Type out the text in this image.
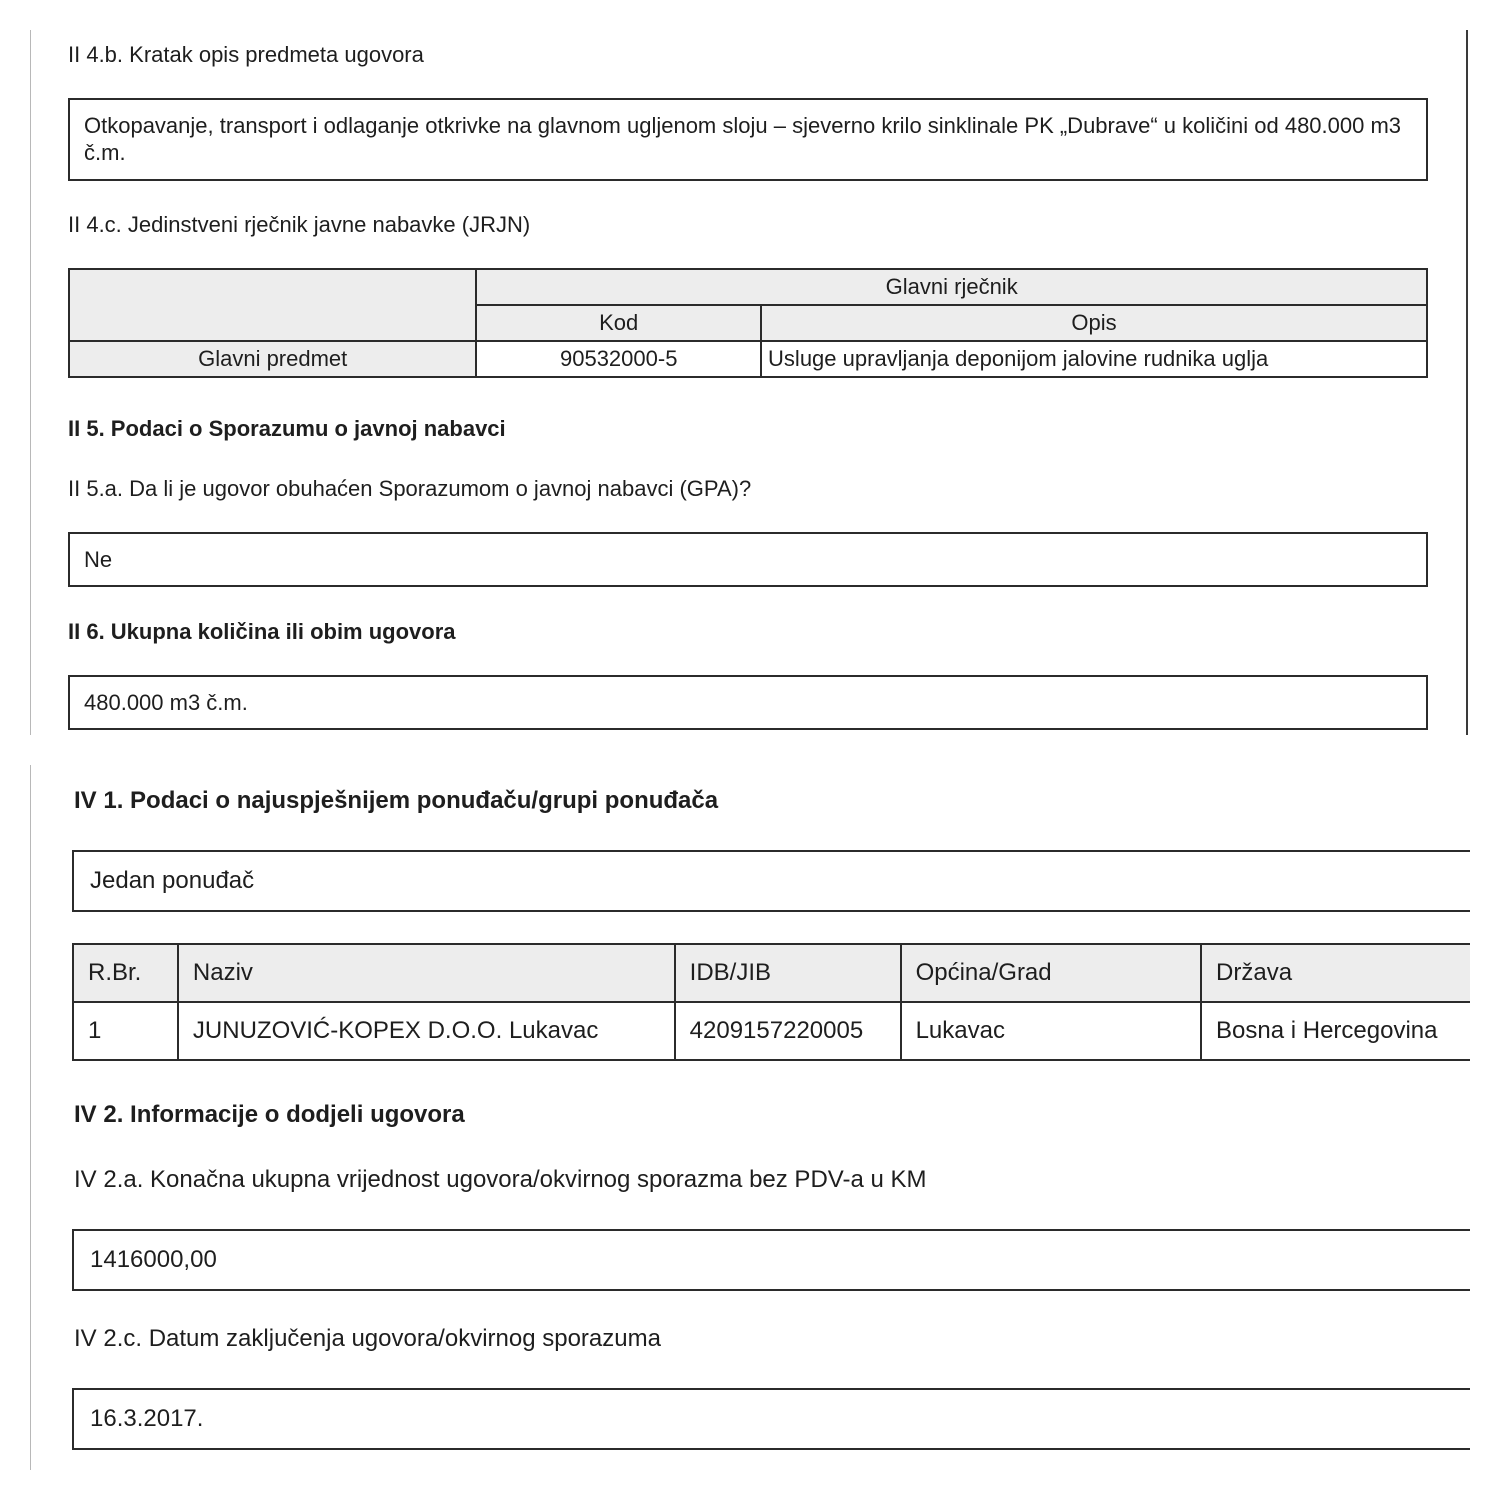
II 4.b. Kratak opis predmeta ugovora
Otkopavanje, transport i odlaganje otkrivke na glavnom ugljenom sloju – sjeverno krilo sinklinale PK „Dubrave“ u količini od 480.000 m3 č.m.
II 4.c. Jedinstveni rječnik javne nabavke (JRJN)
	Glavni rječnik	
	Kod	Opis
Glavni predmet	90532000-5	Usluge upravljanja deponijom jalovine rudnika uglja
II 5. Podaci o Sporazumu o javnoj nabavci
II 5.a. Da li je ugovor obuhaćen Sporazumom o javnoj nabavci (GPA)?
Ne
II 6. Ukupna količina ili obim ugovora
480.000 m3 č.m.
IV 1. Podaci o najuspješnijem ponuđaču/grupi ponuđača
Jedan ponuđač
R.Br.	Naziv	IDB/JIB	Općina/Grad	Država
1	JUNUZOVIĆ-KOPEX D.O.O. Lukavac	4209157220005	Lukavac	Bosna i Hercegovina
IV 2. Informacije o dodjeli ugovora
IV 2.a. Konačna ukupna vrijednost ugovora/okvirnog sporazma bez PDV-a u KM
1416000,00
IV 2.c. Datum zaključenja ugovora/okvirnog sporazuma
16.3.2017.
